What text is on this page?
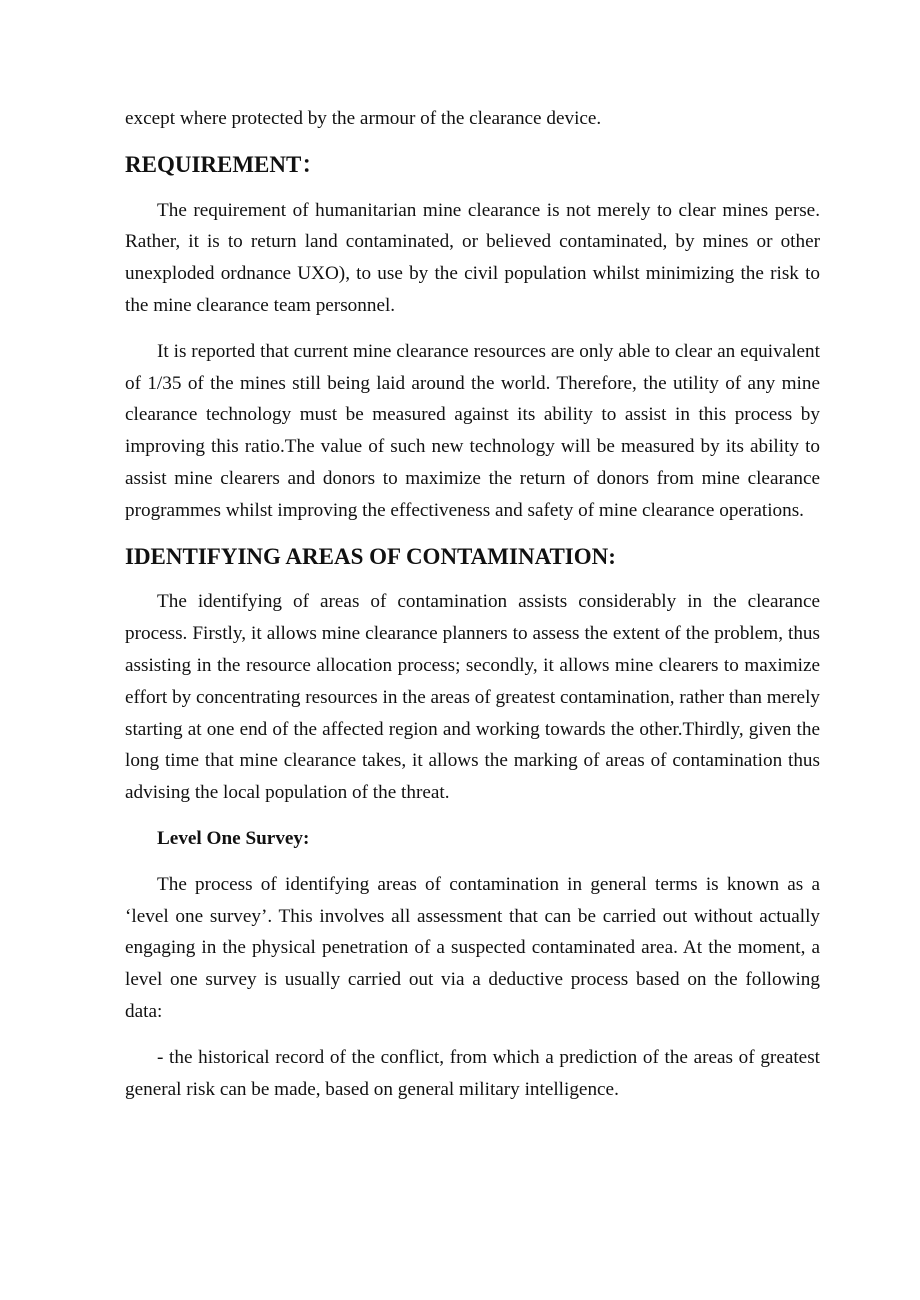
except where protected by the armour of the clearance device.

REQUIREMENT：

The requirement of humanitarian mine clearance is not merely to clear mines perse. Rather, it is to return land contaminated, or believed contaminated, by mines or other unexploded ordnance UXO), to use by the civil population whilst minimizing the risk to the mine clearance team personnel.

It is reported that current mine clearance resources are only able to clear an equivalent of 1/35 of the mines still being laid around the world. Therefore, the utility of any mine clearance technology must be measured against its ability to assist in this process by improving this ratio.The value of such new technology will be measured by its ability to assist mine clearers and donors to maximize the return of donors from mine clearance programmes whilst improving the effectiveness and safety of mine clearance operations.

IDENTIFYING AREAS OF CONTAMINATION:

The identifying of areas of contamination assists considerably in the clearance process. Firstly, it allows mine clearance planners to assess the extent of the problem, thus assisting in the resource allocation process; secondly, it allows mine clearers to maximize effort by concentrating resources in the areas of greatest contamination, rather than merely starting at one end of the affected region and working towards the other.Thirdly, given the long time that mine clearance takes, it allows the marking of areas of contamination thus advising the local population of the threat.

Level One Survey:

The process of identifying areas of contamination in general terms is known as a ‘level one survey’. This involves all assessment that can be carried out without actually engaging in the physical penetration of a suspected contaminated area. At the moment, a level one survey is usually carried out via a deductive process based on the following data:

- the historical record of the conflict, from which a prediction of the areas of greatest general risk can be made, based on general military intelligence.
